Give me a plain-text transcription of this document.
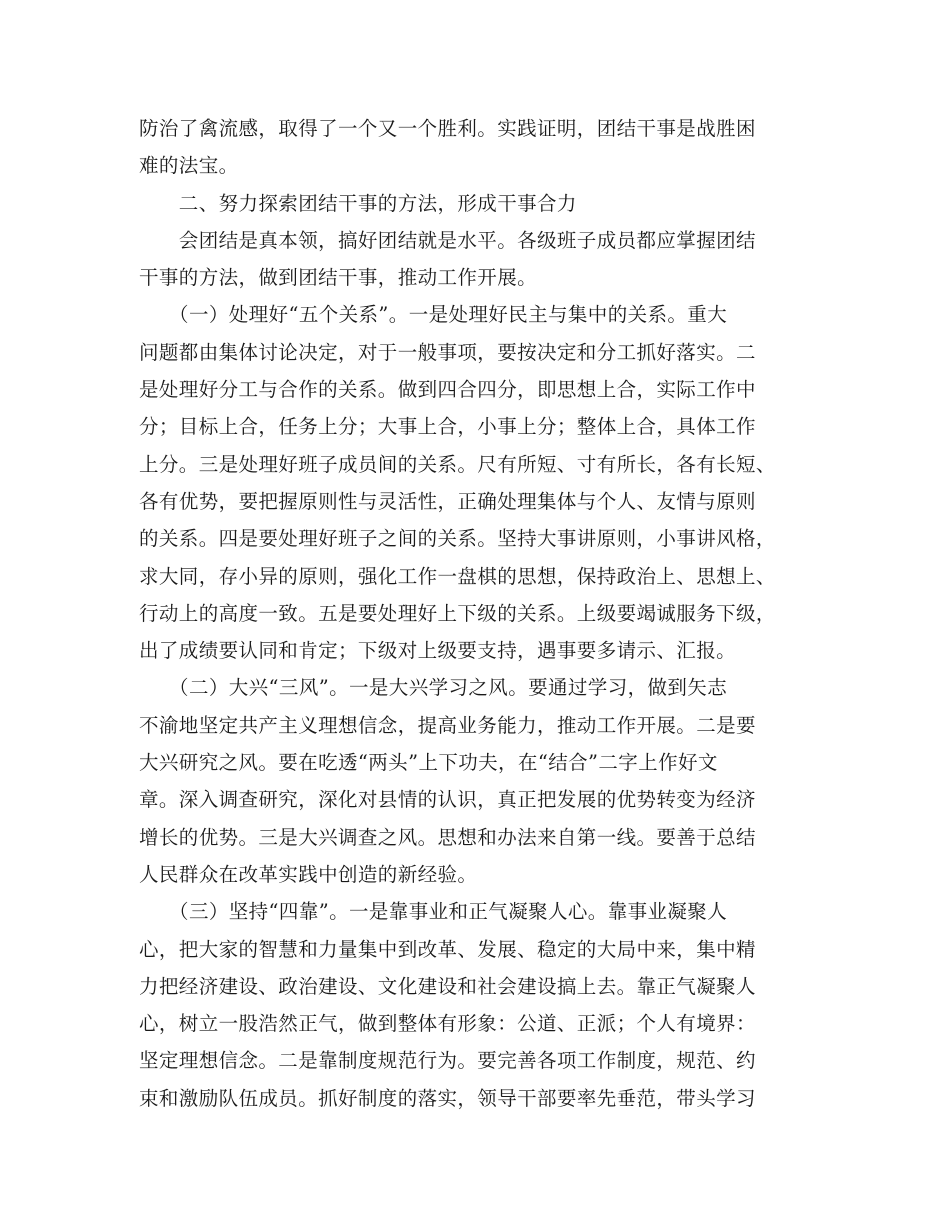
防治了禽流感，取得了一个又一个胜利。实践证明，团结干事是战胜困
难的法宝。
　　二、努力探索团结干事的方法，形成干事合力
　　会团结是真本领，搞好团结就是水平。各级班子成员都应掌握团结
干事的方法，做到团结干事，推动工作开展。
　　（一）处理好“五个关系”。一是处理好民主与集中的关系。重大
问题都由集体讨论决定，对于一般事项，要按决定和分工抓好落实。二
是处理好分工与合作的关系。做到四合四分，即思想上合，实际工作中
分；目标上合，任务上分；大事上合，小事上分；整体上合，具体工作
上分。三是处理好班子成员间的关系。尺有所短、寸有所长，各有长短、
各有优势，要把握原则性与灵活性，正确处理集体与个人、友情与原则
的关系。四是要处理好班子之间的关系。坚持大事讲原则，小事讲风格，
求大同，存小异的原则，强化工作一盘棋的思想，保持政治上、思想上、
行动上的高度一致。五是要处理好上下级的关系。上级要竭诚服务下级，
出了成绩要认同和肯定；下级对上级要支持，遇事要多请示、汇报。
　　（二）大兴“三风”。一是大兴学习之风。要通过学习，做到矢志
不渝地坚定共产主义理想信念，提高业务能力，推动工作开展。二是要
大兴研究之风。要在吃透“两头”上下功夫，在“结合”二字上作好文
章。深入调查研究，深化对县情的认识，真正把发展的优势转变为经济
增长的优势。三是大兴调查之风。思想和办法来自第一线。要善于总结
人民群众在改革实践中创造的新经验。
　　（三）坚持“四靠”。一是靠事业和正气凝聚人心。靠事业凝聚人
心，把大家的智慧和力量集中到改革、发展、稳定的大局中来，集中精
力把经济建设、政治建设、文化建设和社会建设搞上去。靠正气凝聚人
心，树立一股浩然正气，做到整体有形象：公道、正派；个人有境界：
坚定理想信念。二是靠制度规范行为。要完善各项工作制度，规范、约
束和激励队伍成员。抓好制度的落实，领导干部要率先垂范，带头学习
